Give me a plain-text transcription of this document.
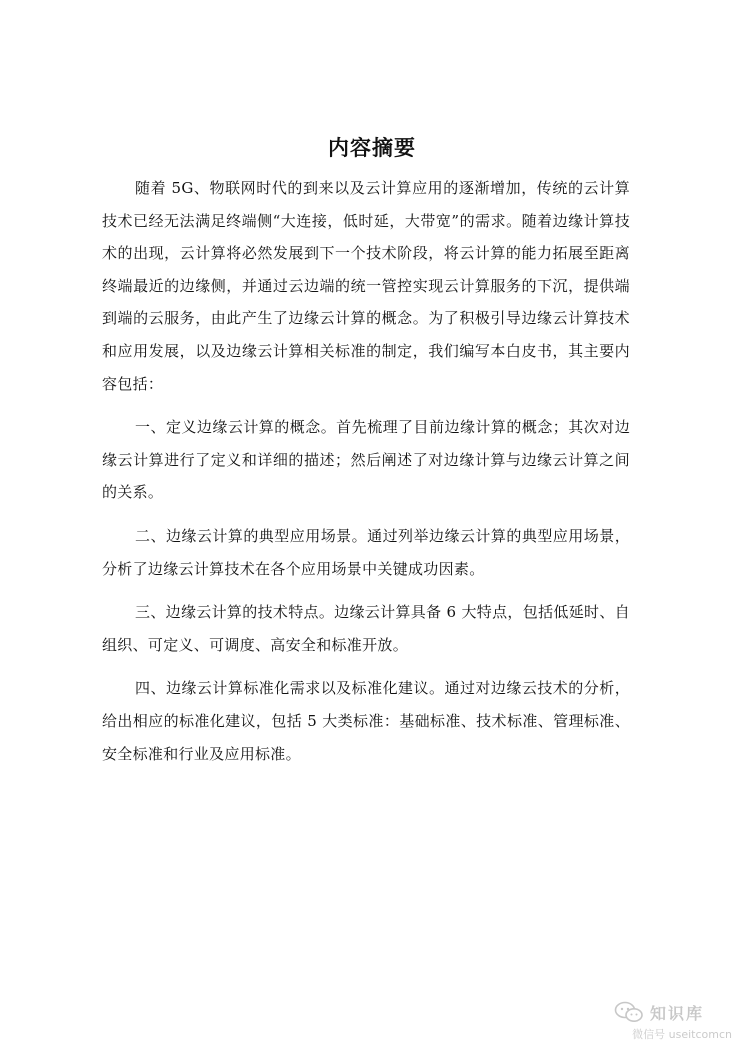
内容摘要

随着 5G、物联网时代的到来以及云计算应用的逐渐增加，传统的云计算技术已经无法满足终端侧“大连接，低时延，大带宽”的需求。随着边缘计算技术的出现，云计算将必然发展到下一个技术阶段，将云计算的能力拓展至距离终端最近的边缘侧，并通过云边端的统一管控实现云计算服务的下沉，提供端到端的云服务，由此产生了边缘云计算的概念。为了积极引导边缘云计算技术和应用发展，以及边缘云计算相关标准的制定，我们编写本白皮书，其主要内容包括：

一、定义边缘云计算的概念。首先梳理了目前边缘计算的概念；其次对边缘云计算进行了定义和详细的描述；然后阐述了对边缘计算与边缘云计算之间的关系。

二、边缘云计算的典型应用场景。通过列举边缘云计算的典型应用场景，分析了边缘云计算技术在各个应用场景中关键成功因素。

三、边缘云计算的技术特点。边缘云计算具备 6 大特点，包括低延时、自组织、可定义、可调度、高安全和标准开放。

四、边缘云计算标准化需求以及标准化建议。通过对边缘云技术的分析，给出相应的标准化建议，包括 5 大类标准：基础标准、技术标准、管理标准、安全标准和行业及应用标准。

知识库
微信号 useitcomcn
